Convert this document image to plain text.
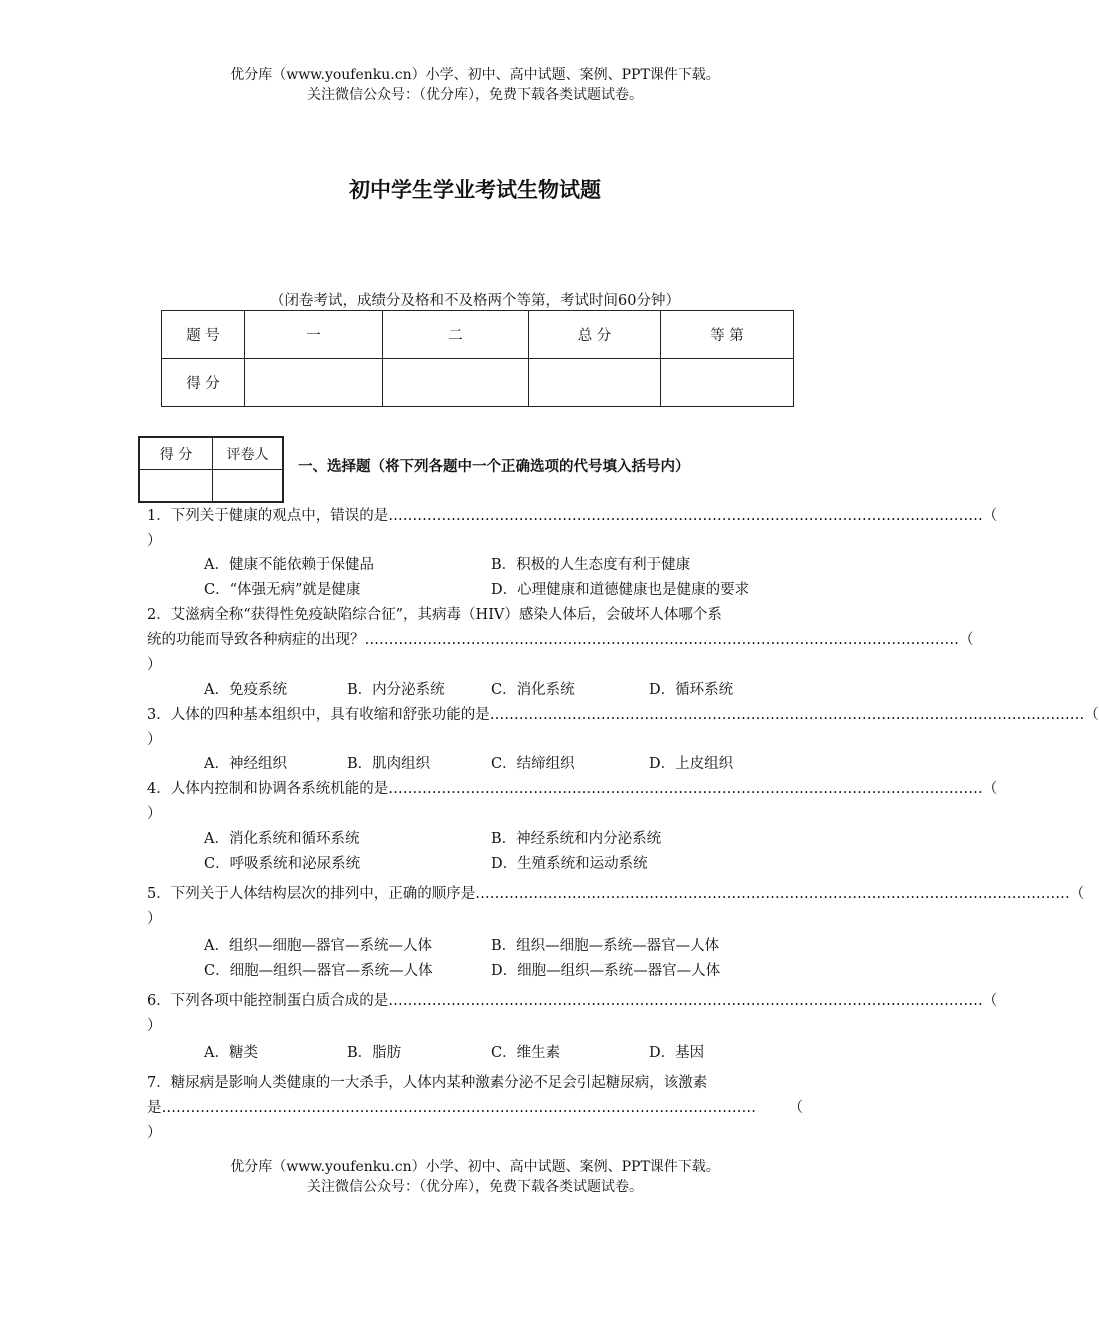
优分库（www.youfenku.cn）小学、初中、高中试题、案例、PPT课件下载。
关注微信公众号：（优分库），免费下载各类试题试卷。
初中学生学业考试生物试题
（闭卷考试，成绩分及格和不及格两个等第，考试时间60分钟）
题 号	一	二	总 分	等 第
得 分				
得 分	评卷人

一、选择题（将下列各题中一个正确选项的代号填入括号内）
1．下列关于健康的观点中，错误的是 …………………………………………………………………………………………………………… （
）
A．健康不能依赖于保健品	B．积极的人生态度有利于健康
C．“体强无病”就是健康	D．心理健康和道德健康也是健康的要求
2．艾滋病全称“获得性免疫缺陷综合征”，其病毒（HIV）感染人体后，会破坏人体哪个系
统的功能而导致各种病症的出现？ …………………………………………………………………………………………………………… （
）
A．免疫系统	B．内分泌系统	C．消化系统	D．循环系统
3．人体的四种基本组织中，具有收缩和舒张功能的是 …………………………………………………………………………………………………………… （
）
A．神经组织	B．肌肉组织	C．结缔组织	D．上皮组织
4．人体内控制和协调各系统机能的是 …………………………………………………………………………………………………………… （
）
A．消化系统和循环系统	B．神经系统和内分泌系统
C．呼吸系统和泌尿系统	D．生殖系统和运动系统
5．下列关于人体结构层次的排列中，正确的顺序是 …………………………………………………………………………………………………………… （
）
A．组织—细胞—器官—系统—人体	B．组织—细胞—系统—器官—人体
C．细胞—组织—器官—系统—人体	D．细胞—组织—系统—器官—人体
6．下列各项中能控制蛋白质合成的是 …………………………………………………………………………………………………………… （
）
A．糖类	B．脂肪	C．维生素	D．基因
7．糖尿病是影响人类健康的一大杀手，人体内某种激素分泌不足会引起糖尿病，该激素
是 ……………………………………………………………………………………………………………	（
）
优分库（www.youfenku.cn）小学、初中、高中试题、案例、PPT课件下载。
关注微信公众号：（优分库），免费下载各类试题试卷。
